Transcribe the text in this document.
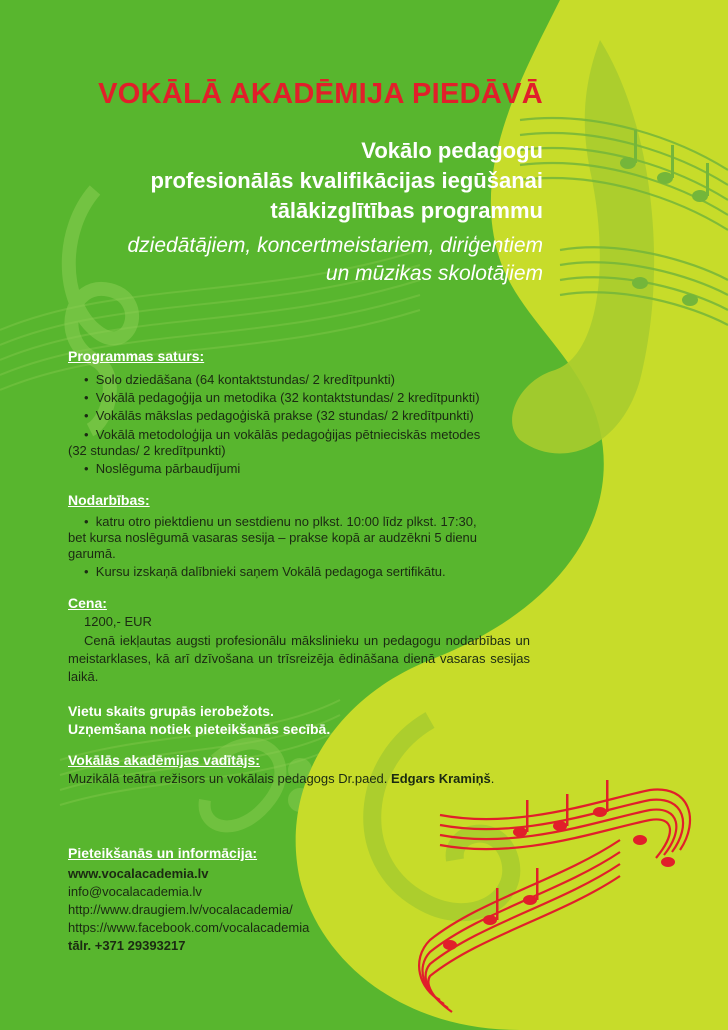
VOKĀLĀ AKADĒMIJA PIEDĀVĀ
Vokālo pedagogu
profesionālās kvalifikācijas iegūšanai
tālākizglītības programmu
dziedātājiem, koncertmeistariem, diriģentiem
un mūzikas skolotājiem
Programmas saturs:
•  Solo dziedāšana (64 kontaktstundas/ 2 kredītpunkti)
•  Vokālā pedagoģija un metodika (32 kontaktstundas/ 2 kredītpunkti)
•  Vokālās mākslas pedagoģiskā prakse (32 stundas/ 2 kredītpunkti)
•  Vokālā metodoloģija un vokālās pedagoģijas pētnieciskās metodes
(32 stundas/ 2 kredītpunkti)
•  Noslēguma pārbaudījumi
Nodarbības:
•  katru otro piektdienu un sestdienu no plkst. 10:00 līdz plkst. 17:30,
bet kursa noslēgumā vasaras sesija – prakse kopā ar audzēkni 5 dienu
garumā.
•  Kursu izskaņā dalībnieki saņem Vokālā pedagoga sertifikātu.
Cena:
1200,- EUR
Cenā iekļautas augsti profesionālu mākslinieku un pedagogu nodarbības un meistarklases, kā arī dzīvošana un trīsreizēja ēdināšana dienā vasaras sesijas laikā.
Vietu skaits grupās ierobežots.
Uzņemšana notiek pieteikšanās secībā.
Vokālās akadēmijas vadītājs:
Muzikālā teātra režisors un vokālais pedagogs Dr.paed. Edgars Kramiņš.
Pieteikšanās un informācija:
www.vocalacademia.lv
info@vocalacademia.lv
http://www.draugiem.lv/vocalacademia/
https://www.facebook.com/vocalacademia
tālr. +371 29393217
